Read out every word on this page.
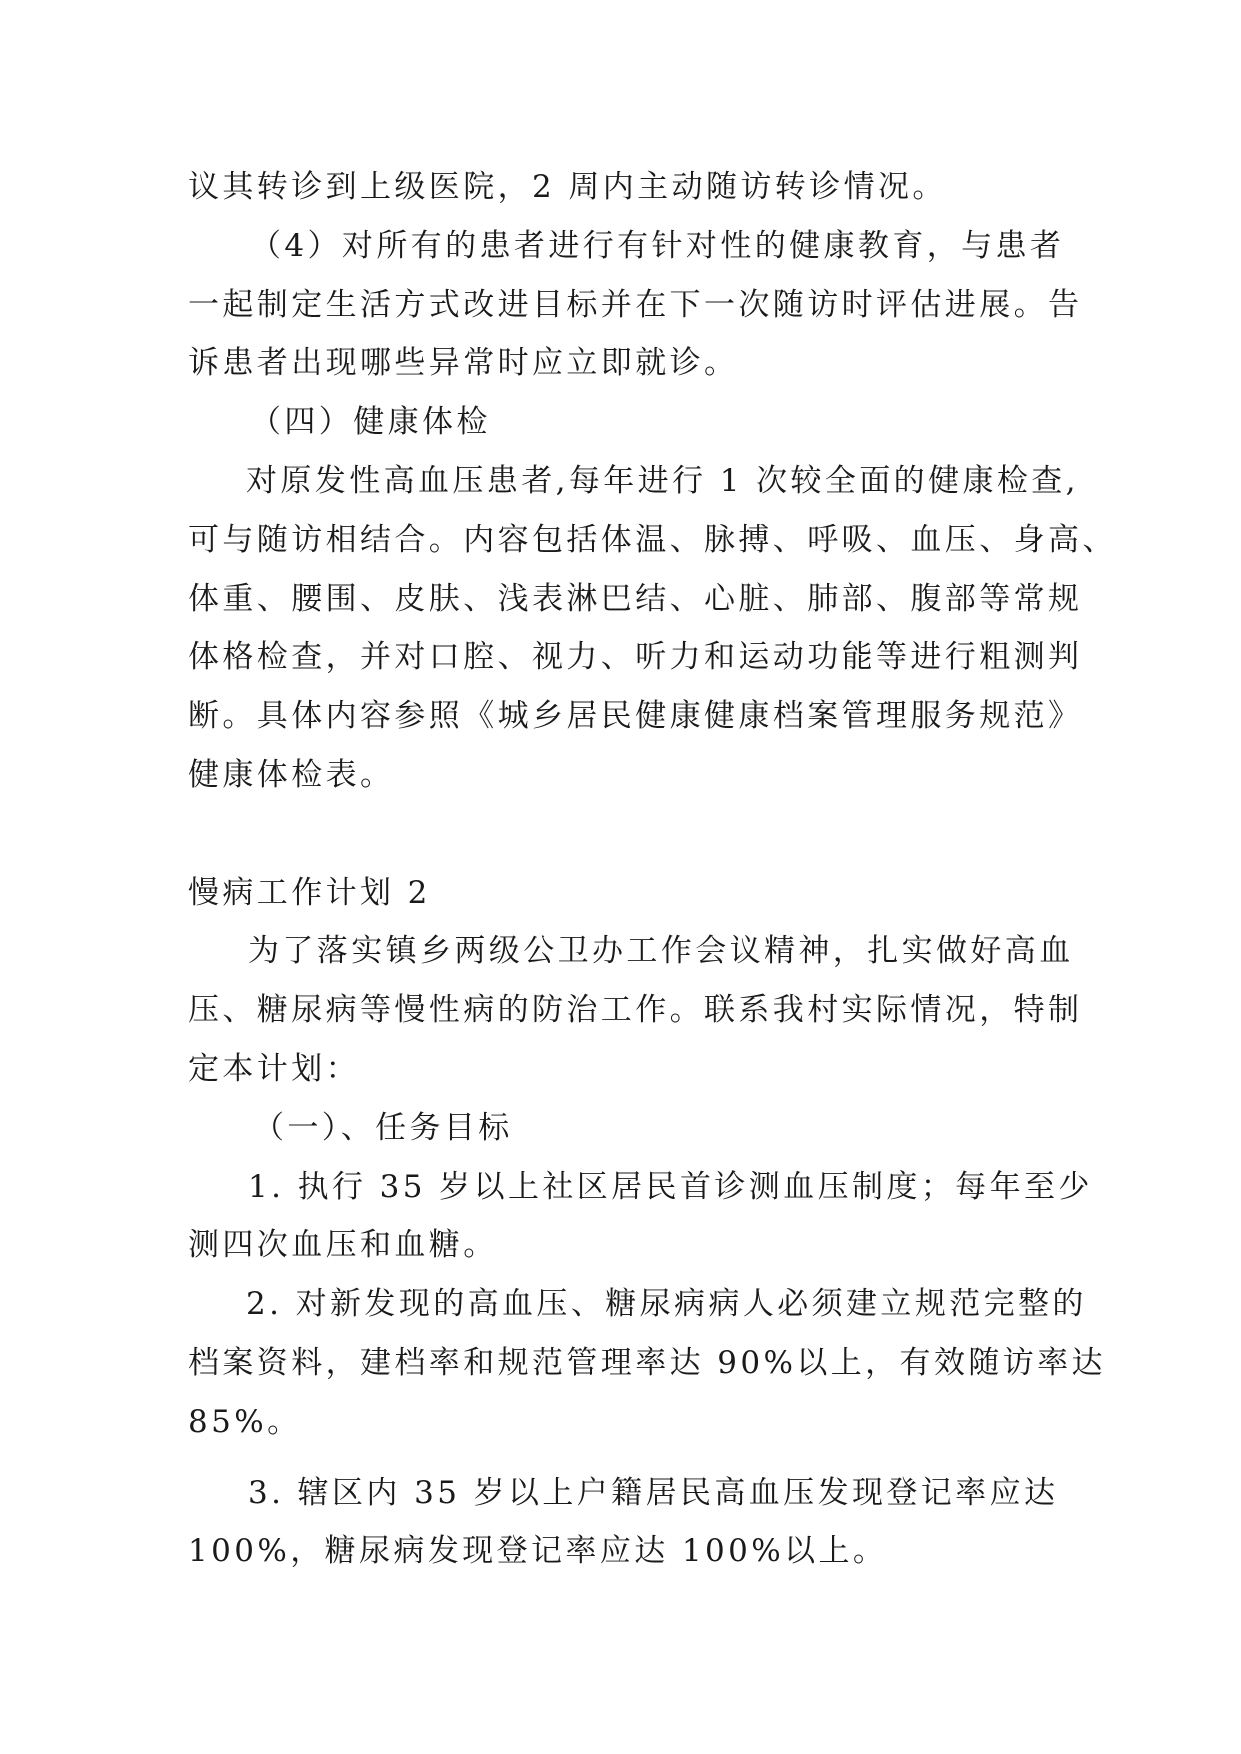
议其转诊到上级医院，2 周内主动随访转诊情况。
（4）对所有的患者进行有针对性的健康教育，与患者
一起制定生活方式改进目标并在下一次随访时评估进展。告
诉患者出现哪些异常时应立即就诊。
（四）健康体检
对原发性高血压患者,每年进行 1 次较全面的健康检查,
可与随访相结合。内容包括体温、脉搏、呼吸、血压、身高、
体重、腰围、皮肤、浅表淋巴结、心脏、肺部、腹部等常规
体格检查，并对口腔、视力、听力和运动功能等进行粗测判
断。具体内容参照《城乡居民健康健康档案管理服务规范》
健康体检表。
慢病工作计划 2
为了落实镇乡两级公卫办工作会议精神，扎实做好高血
压、糖尿病等慢性病的防治工作。联系我村实际情况，特制
定本计划：
（一）、任务目标
1. 执行 35 岁以上社区居民首诊测血压制度；每年至少
测四次血压和血糖。
2. 对新发现的高血压、糖尿病病人必须建立规范完整的
档案资料，建档率和规范管理率达 90%以上，有效随访率达
85%。
3. 辖区内 35 岁以上户籍居民高血压发现登记率应达
100%，糖尿病发现登记率应达 100%以上。
